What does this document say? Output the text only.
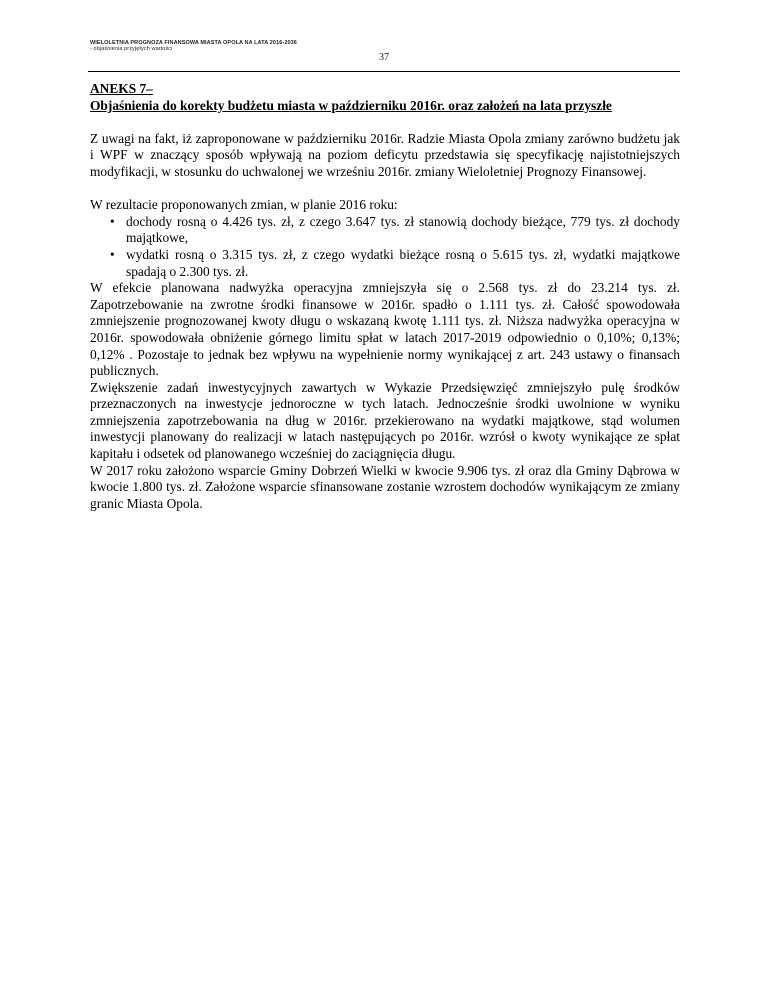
WIELOLETNIA PROGNOZA FINANSOWA MIASTA OPOLA NA LATA 2016-2036
- objaśnienia przyjętych wartości
37

ANEKS 7–

Objaśnienia do korekty budżetu miasta w październiku 2016r. oraz założeń na lata przyszłe

Z uwagi na fakt, iż zaproponowane w październiku 2016r. Radzie Miasta Opola zmiany zarówno budżetu jak i WPF w znaczący sposób wpływają na poziom deficytu przedstawia się specyfikację najistotniejszych modyfikacji, w stosunku do uchwalonej we wrześniu 2016r. zmiany Wieloletniej Prognozy Finansowej.

W rezultacie proponowanych zmian, w planie 2016 roku:

• dochody rosną o 4.426 tys. zł, z czego 3.647 tys. zł stanowią dochody bieżące, 779 tys. zł dochody majątkowe,
• wydatki rosną o 3.315 tys. zł, z czego wydatki bieżące rosną o 5.615 tys. zł, wydatki majątkowe spadają o 2.300 tys. zł.

W efekcie planowana nadwyżka operacyjna zmniejszyła się o 2.568 tys. zł do 23.214 tys. zł. Zapotrzebowanie na zwrotne środki finansowe w 2016r. spadło o 1.111 tys. zł. Całość spowodowała zmniejszenie prognozowanej kwoty długu o wskazaną kwotę 1.111 tys. zł. Niższa nadwyżka operacyjna w 2016r. spowodowała obniżenie górnego limitu spłat w latach 2017-2019 odpowiednio o 0,10%; 0,13%; 0,12% . Pozostaje to jednak bez wpływu na wypełnienie normy wynikającej z art. 243 ustawy o finansach publicznych.

Zwiększenie zadań inwestycyjnych zawartych w Wykazie Przedsięwzięć zmniejszyło pulę środków przeznaczonych na inwestycje jednoroczne w tych latach. Jednocześnie środki uwolnione w wyniku zmniejszenia zapotrzebowania na dług w 2016r. przekierowano na wydatki majątkowe, stąd wolumen inwestycji planowany do realizacji w latach następujących po 2016r. wzrósł o kwoty wynikające ze spłat kapitału i odsetek od planowanego wcześniej do zaciągnięcia długu.

W 2017 roku założono wsparcie Gminy Dobrzeń Wielki w kwocie 9.906 tys. zł oraz dla Gminy Dąbrowa w kwocie 1.800 tys. zł. Założone wsparcie sfinansowane zostanie wzrostem dochodów wynikającym ze zmiany granic Miasta Opola.
